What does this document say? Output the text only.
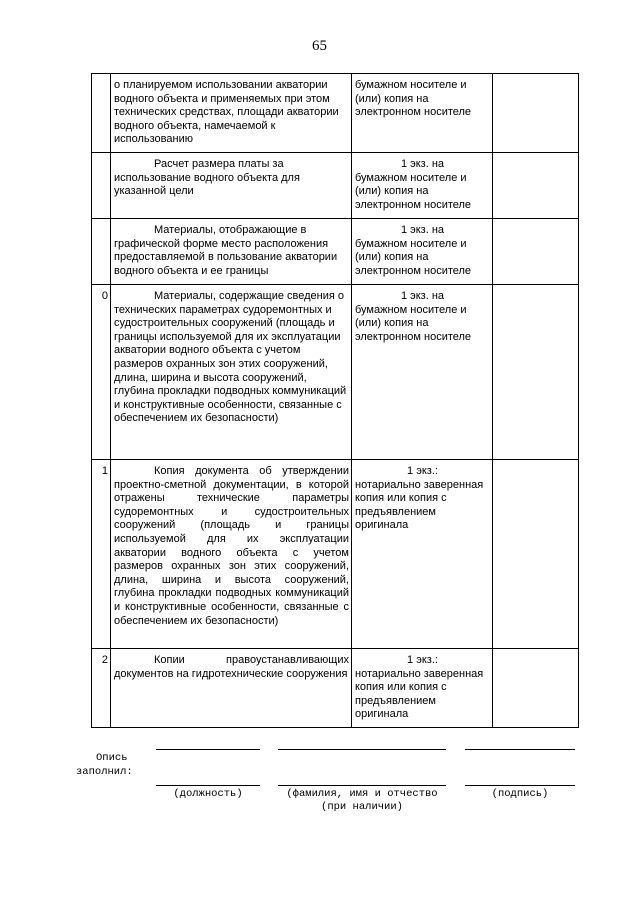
65
	о планируемом использовании акватории водного объекта и применяемых при этом технических средствах, площади акватории водного объекта, намечаемой к использованию	бумажном носителе и (или) копия на электронном носителе	

	Расчет размера платы за использование водного объекта для указанной цели	1 экз. на
бумажном носителе и (или) копия на электронном носителе	

	Материалы, отображающие в графической форме место расположения предоставляемой в пользование акватории водного объекта и ее границы	1 экз. на
бумажном носителе и (или) копия на электронном носителе	
0	Материалы, содержащие сведения о технических параметрах судоремонтных и судостроительных сооружений (площадь и границы используемой для их эксплуатации акватории водного объекта с учетом размеров охранных зон этих сооружений, длина, ширина и высота сооружений, глубина прокладки подводных коммуникаций и конструктивные особенности, связанные с обеспечением их безопасности)	1 экз. на
бумажном носителе и (или) копия на электронном носителе	
1	Копия документа об утверждении проектно-сметной документации, в которой отражены технические параметры судоремонтных и судостроительных сооружений (площадь и границы используемой для их эксплуатации акватории водного объекта с учетом размеров охранных зон этих сооружений, длина, ширина и высота сооружений, глубина прокладки подводных коммуникаций и конструктивные особенности, связанные с обеспечением их безопасности)	1 экз.:
нотариально заверенная копия или копия с предъявлением оригинала	
2	Копии правоустанавливающих документов на гидротехнические сооружения	1 экз.:
нотариально заверенная копия или копия с предъявлением оригинала	
Опись
заполнил:
(должность)	(фамилия, имя и отчество
(при наличии)
(подпись)
